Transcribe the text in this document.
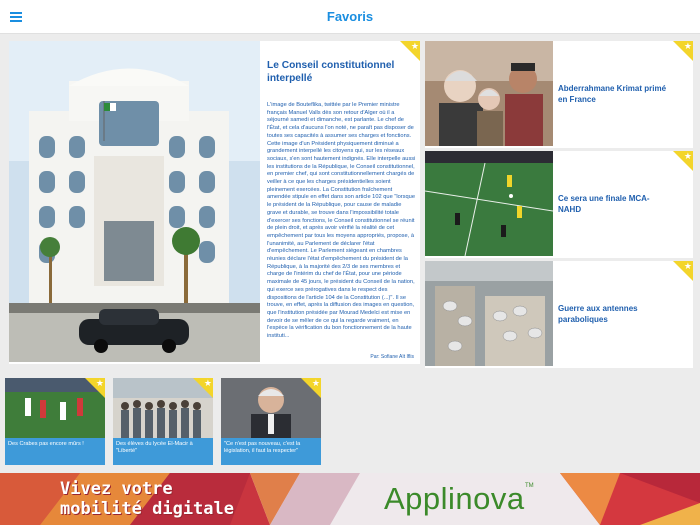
Favoris
Le Conseil constitutionnel interpellé
L'image de Bouteflika, twittée par le Premier ministre français Manuel Valls dès son retour d'Alger où il a séjourné samedi et dimanche, est parlante. Le chef de l'État, et cela d'aucuns l'on noté, ne paraît pas disposer de toutes ses capacités à assumer ses charges et fonctions. Cette image d'un Président physiquement diminué a grandement interpellé les citoyens qui, sur les réseaux sociaux, s'en sont hautement indignés. Elle interpelle aussi les institutions de la République, le Conseil constitutionnel, en premier chef, qui sont constitutionnellement chargés de veiller à ce que les charges présidentielles soient pleinement exercées. La Constitution fraîchement amendée stipule en effet dans son article 102 que "lorsque le président de la République, pour cause de maladie grave et durable, se trouve dans l'impossibilité totale d'exercer ses fonctions, le Conseil constitutionnel se réunit de plein droit, et après avoir vérifié la réalité de cet empêchement par tous les moyens appropriés, propose, à l'unanimité, au Parlement de déclarer l'état d'empêchement. Le Parlement siégeant en chambres réunies déclare l'état d'empêchement du président de la République, à la majorité des 2/3 de ses membres et charge de l'intérim du chef de l'État, pour une période maximale de 45 jours, le président du Conseil de la nation, qui exerce ses prérogatives dans le respect des dispositions de l'article 104 de la Constitution (...)". Il se trouve, en effet, après la diffusion des images en question, que l'institution présidée par Mourad Medelci est mise en devoir de se mêler de ce qui la regarde vraiment, en l'espèce la vérification du bon fonctionnement de la haute instituti...
Par: Sofiane Aït Iflis
★
Abderrahmane Krimat primé en France
★
Ce sera une finale MCA-NAHD
★
Guerre aux antennes paraboliques
★
Des Crabes pas encore mûrs !
★
Des élèves du lycée El-Macir à "Liberté"
★
"Ce n'est pas nouveau, c'est la législation, il faut la respecter"
★
Vivez votre
mobilité digitale	Applinova TM
